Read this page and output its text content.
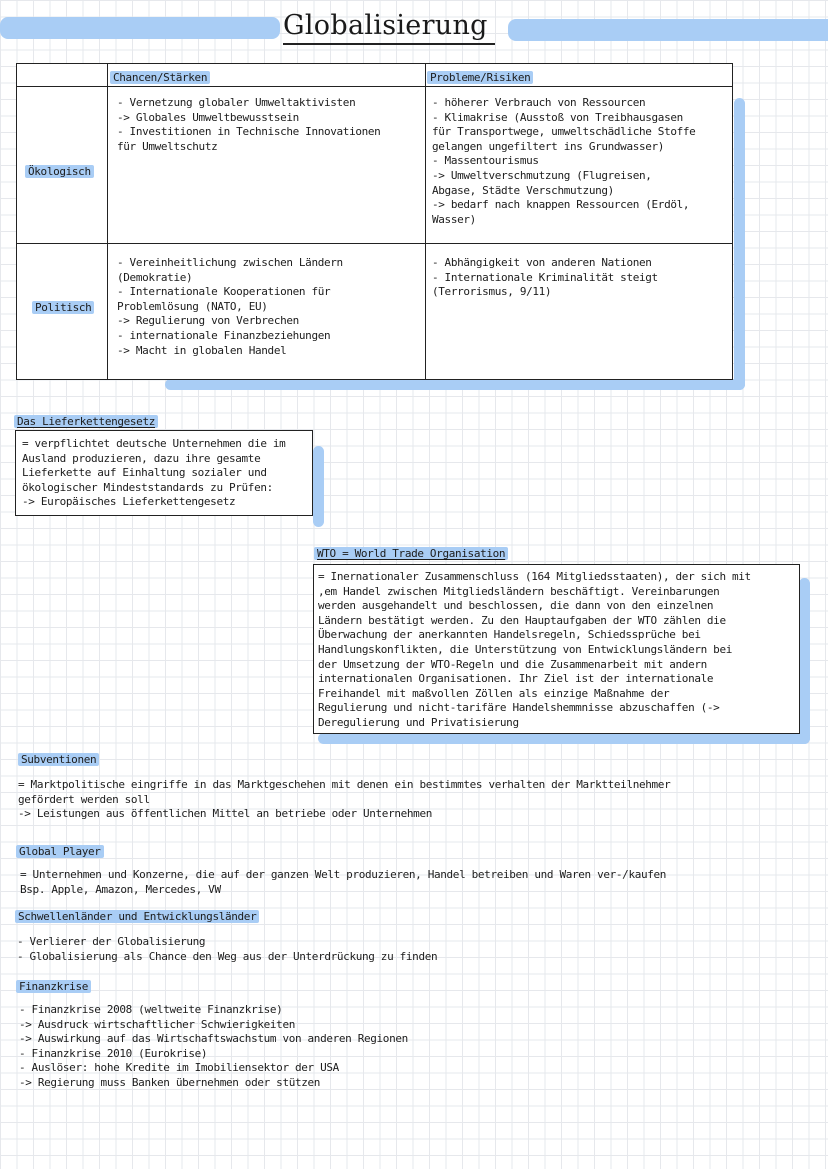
Globalisierung
Chancen/Stärken	Probleme/Risiken
Ökologisch
Politisch
- Vernetzung globaler Umweltaktivisten
-> Globales Umweltbewusstsein
- Investitionen in Technische Innovationen
für Umweltschutz
- höherer Verbrauch von Ressourcen
- Klimakrise (Ausstoß von Treibhausgasen
für Transportwege, umweltschädliche Stoffe
gelangen ungefiltert ins Grundwasser)
- Massentourismus
-> Umweltverschmutzung (Flugreisen,
Abgase, Städte Verschmutzung)
-> bedarf nach knappen Ressourcen (Erdöl,
Wasser)
- Vereinheitlichung zwischen Ländern
(Demokratie)
- Internationale Kooperationen für
Problemlösung (NATO, EU)
-> Regulierung von Verbrechen
- internationale Finanzbeziehungen
-> Macht in globalen Handel
- Abhängigkeit von anderen Nationen
- Internationale Kriminalität steigt
(Terrorismus, 9/11)
Das Lieferkettengesetz
= verpflichtet deutsche Unternehmen die im
Ausland produzieren, dazu ihre gesamte
Lieferkette auf Einhaltung sozialer und
ökologischer Mindeststandards zu Prüfen:
-> Europäisches Lieferkettengesetz
WTO = World Trade Organisation
= Inernationaler Zusammenschluss (164 Mitgliedsstaaten), der sich mit
,em Handel zwischen Mitgliedsländern beschäftigt. Vereinbarungen
werden ausgehandelt und beschlossen, die dann von den einzelnen
Ländern bestätigt werden. Zu den Hauptaufgaben der WTO zählen die
Überwachung der anerkannten Handelsregeln, Schiedssprüche bei
Handlungskonflikten, die Unterstützung von Entwicklungsländern bei
der Umsetzung der WTO-Regeln und die Zusammenarbeit mit andern
internationalen Organisationen. Ihr Ziel ist der internationale
Freihandel mit maßvollen Zöllen als einzige Maßnahme der
Regulierung und nicht-tarifäre Handelshemmnisse abzuschaffen (->
Deregulierung und Privatisierung
Subventionen
= Marktpolitische eingriffe in das Marktgeschehen mit denen ein bestimmtes verhalten der Marktteilnehmer
gefördert werden soll
-> Leistungen aus öffentlichen Mittel an betriebe oder Unternehmen
Global Player
= Unternehmen und Konzerne, die auf der ganzen Welt produzieren, Handel betreiben und Waren ver-/kaufen
Bsp. Apple, Amazon, Mercedes, VW
Schwellenländer und Entwicklungsländer
- Verlierer der Globalisierung
- Globalisierung als Chance den Weg aus der Unterdrückung zu finden
Finanzkrise
- Finanzkrise 2008 (weltweite Finanzkrise)
-> Ausdruck wirtschaftlicher Schwierigkeiten
-> Auswirkung auf das Wirtschaftswachstum von anderen Regionen
- Finanzkrise 2010 (Eurokrise)
- Auslöser: hohe Kredite im Imobiliensektor der USA
-> Regierung muss Banken übernehmen oder stützen
